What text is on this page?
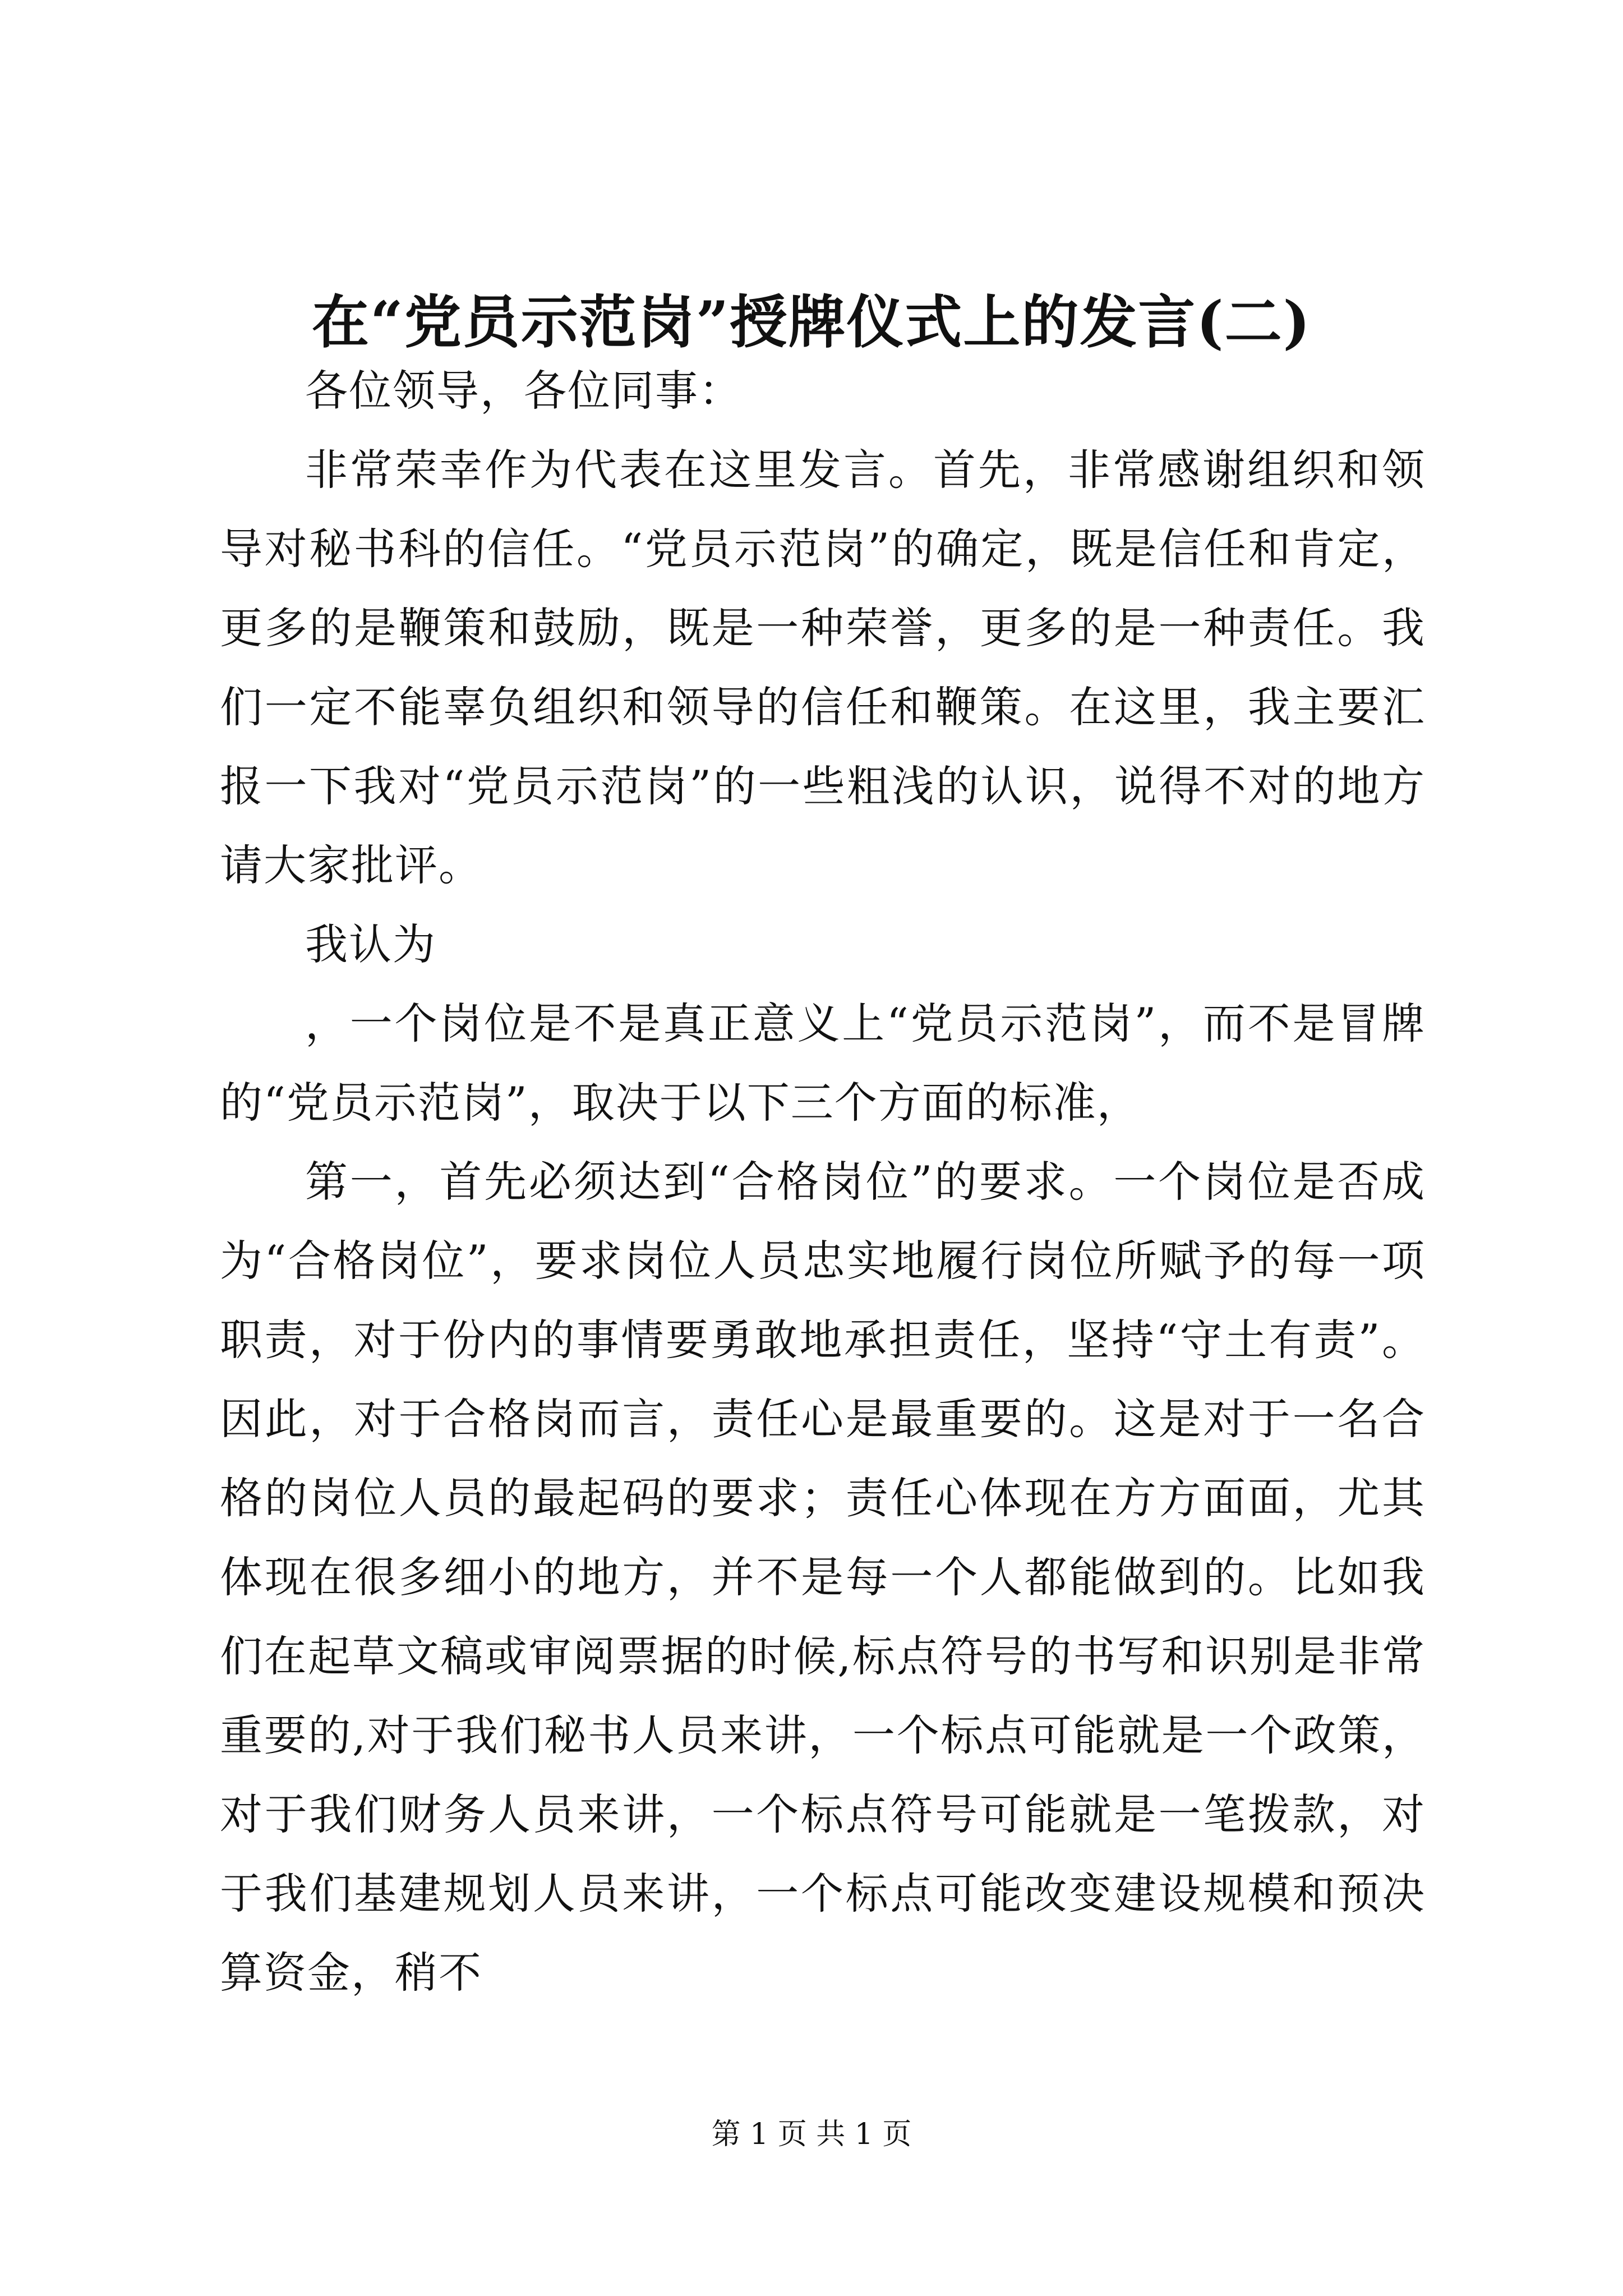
在“党员示范岗”授牌仪式上的发言(二)

各位领导，各位同事：

非常荣幸作为代表在这里发言。首先，非常感谢组织和领导对秘书科的信任。“党员示范岗”的确定，既是信任和肯定，更多的是鞭策和鼓励，既是一种荣誉，更多的是一种责任。我们一定不能辜负组织和领导的信任和鞭策。在这里，我主要汇报一下我对“党员示范岗”的一些粗浅的认识，说得不对的地方请大家批评。

我认为

，一个岗位是不是真正意义上“党员示范岗”，而不是冒牌的“党员示范岗”，取决于以下三个方面的标准，

第一，首先必须达到“合格岗位”的要求。一个岗位是否成为“合格岗位”，要求岗位人员忠实地履行岗位所赋予的每一项职责，对于份内的事情要勇敢地承担责任，坚持“守土有责”。因此，对于合格岗而言，责任心是最重要的。这是对于一名合格的岗位人员的最起码的要求；责任心体现在方方面面，尤其体现在很多细小的地方，并不是每一个人都能做到的。比如我们在起草文稿或审阅票据的时候,标点符号的书写和识别是非常重要的,对于我们秘书人员来讲，一个标点可能就是一个政策，对于我们财务人员来讲，一个标点符号可能就是一笔拨款，对于我们基建规划人员来讲，一个标点可能改变建设规模和预决算资金，稍不

第 1 页 共 1 页
